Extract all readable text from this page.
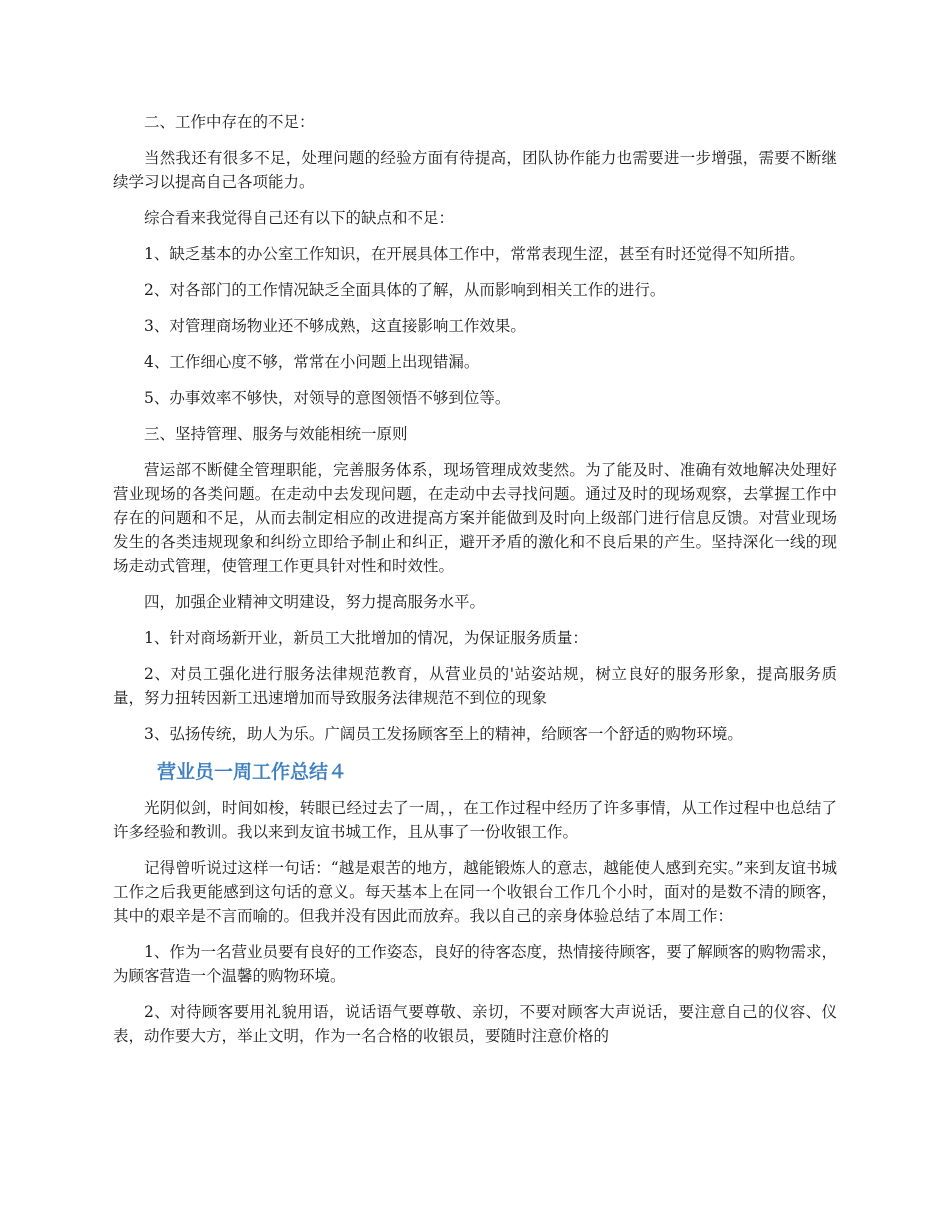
二、工作中存在的不足：

当然我还有很多不足，处理问题的经验方面有待提高，团队协作能力也需要进一步增强，需要不断继续学习以提高自己各项能力。

综合看来我觉得自己还有以下的缺点和不足：

1、缺乏基本的办公室工作知识，在开展具体工作中，常常表现生涩，甚至有时还觉得不知所措。

2、对各部门的工作情况缺乏全面具体的了解，从而影响到相关工作的进行。

3、对管理商场物业还不够成熟，这直接影响工作效果。

4、工作细心度不够，常常在小问题上出现错漏。

5、办事效率不够快，对领导的意图领悟不够到位等。

三、坚持管理、服务与效能相统一原则

营运部不断健全管理职能，完善服务体系，现场管理成效斐然。为了能及时、准确有效地解决处理好营业现场的各类问题。在走动中去发现问题，在走动中去寻找问题。通过及时的现场观察，去掌握工作中存在的问题和不足，从而去制定相应的改进提高方案并能做到及时向上级部门进行信息反馈。对营业现场发生的各类违规现象和纠纷立即给予制止和纠正，避开矛盾的激化和不良后果的产生。坚持深化一线的现场走动式管理，使管理工作更具针对性和时效性。

四，加强企业精神文明建设，努力提高服务水平。

1、针对商场新开业，新员工大批增加的情况，为保证服务质量：

2、对员工强化进行服务法律规范教育，从营业员的'站姿站规，树立良好的服务形象，提高服务质量，努力扭转因新工迅速增加而导致服务法律规范不到位的现象

3、弘扬传统，助人为乐。广阔员工发扬顾客至上的精神，给顾客一个舒适的购物环境。

营业员一周工作总结４

光阴似剑，时间如梭，转眼已经过去了一周，，在工作过程中经历了许多事情，从工作过程中也总结了许多经验和教训。我以来到友谊书城工作，且从事了一份收银工作。

记得曾听说过这样一句话：“越是艰苦的地方，越能锻炼人的意志，越能使人感到充实。”来到友谊书城工作之后我更能感到这句话的意义。每天基本上在同一个收银台工作几个小时，面对的是数不清的顾客，其中的艰辛是不言而喻的。但我并没有因此而放弃。我以自己的亲身体验总结了本周工作：

1、作为一名营业员要有良好的工作姿态，良好的待客态度，热情接待顾客，要了解顾客的购物需求，为顾客营造一个温馨的购物环境。

2、对待顾客要用礼貌用语，说话语气要尊敬、亲切，不要对顾客大声说话，要注意自己的仪容、仪表，动作要大方，举止文明，作为一名合格的收银员，要随时注意价格的
